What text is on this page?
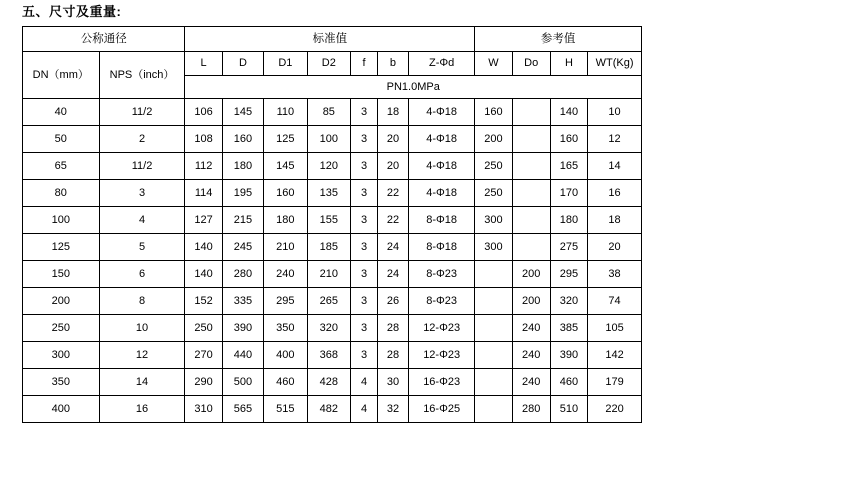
五、尺寸及重量:
公称通径		标准值							参考值			
DN（mm）	NPS（inch）	L	D	D1	D2	f	b	Z-Φd	W	Do	H	WT(Kg)
		PN1.0MPa										
40	11/2	106	145	110	85	3	18	4-Φ18	160		140	10
50	2	108	160	125	100	3	20	4-Φ18	200		160	12
65	11/2	112	180	145	120	3	20	4-Φ18	250		165	14
80	3	114	195	160	135	3	22	4-Φ18	250		170	16
100	4	127	215	180	155	3	22	8-Φ18	300		180	18
125	5	140	245	210	185	3	24	8-Φ18	300		275	20
150	6	140	280	240	210	3	24	8-Φ23		200	295	38
200	8	152	335	295	265	3	26	8-Φ23		200	320	74
250	10	250	390	350	320	3	28	12-Φ23		240	385	105
300	12	270	440	400	368	3	28	12-Φ23		240	390	142
350	14	290	500	460	428	4	30	16-Φ23		240	460	179
400	16	310	565	515	482	4	32	16-Φ25		280	510	220
